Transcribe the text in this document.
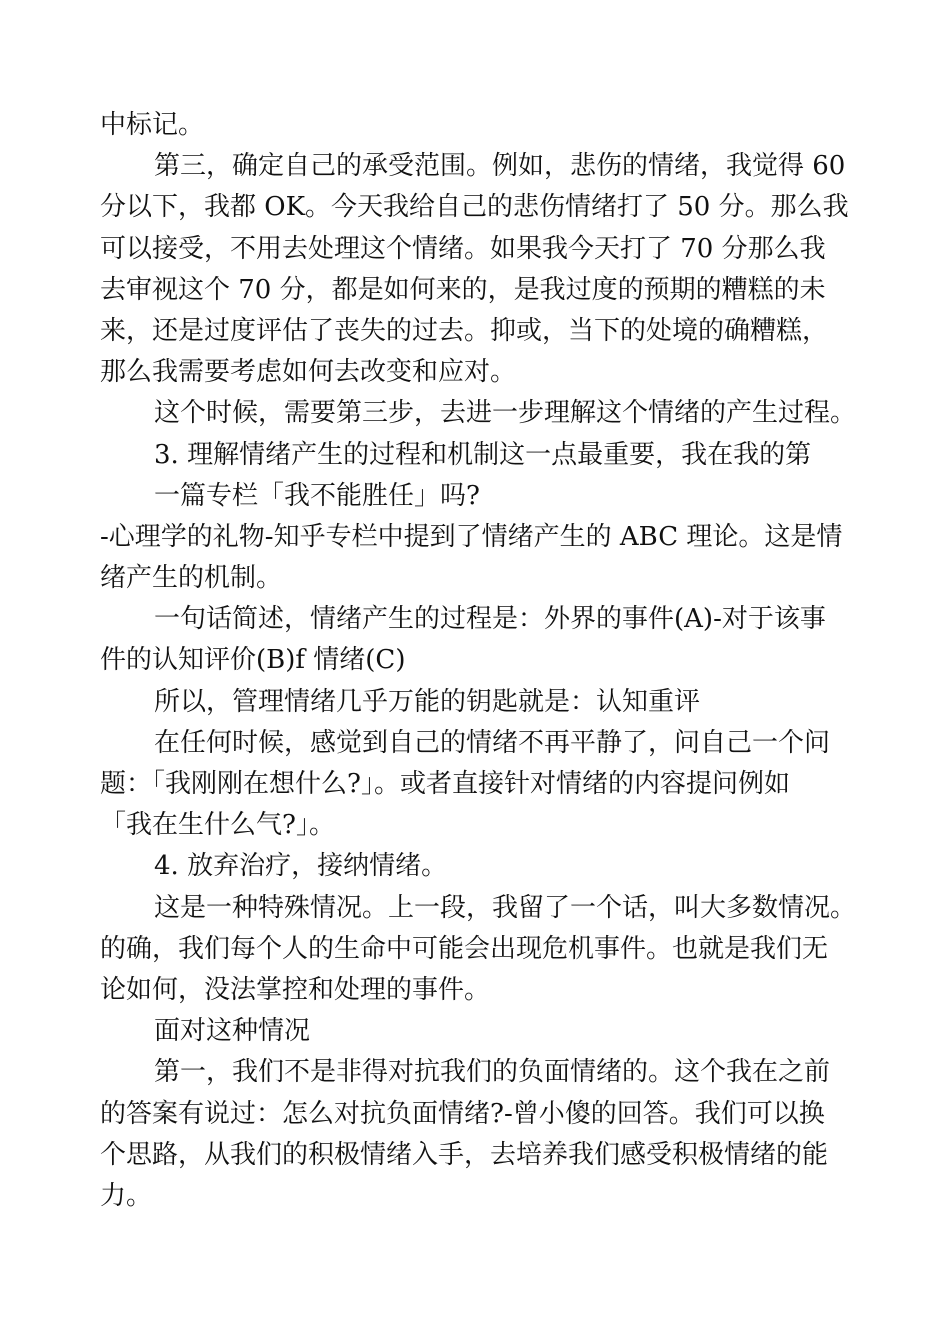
中标记。
第三，确定自己的承受范围。例如，悲伤的情绪，我觉得 60
分以下，我都 OK。今天我给自己的悲伤情绪打了 50 分。那么我
可以接受，不用去处理这个情绪。如果我今天打了 70 分那么我
去审视这个 70 分，都是如何来的，是我过度的预期的糟糕的未
来，还是过度评估了丧失的过去。抑或，当下的处境的确糟糕，
那么我需要考虑如何去改变和应对。
这个时候，需要第三步，去进一步理解这个情绪的产生过程。
3. 理解情绪产生的过程和机制这一点最重要，我在我的第
一篇专栏「我不能胜任」吗?
-心理学的礼物-知乎专栏中提到了情绪产生的 ABC 理论。这是情
绪产生的机制。
一句话简述，情绪产生的过程是：外界的事件(A)-对于该事
件的认知评价(B)f 情绪(C)
所以，管理情绪几乎万能的钥匙就是：认知重评
在任何时候，感觉到自己的情绪不再平静了，问自己一个问
题：「我刚刚在想什么?」。或者直接针对情绪的内容提问例如
「我在生什么气?」。
4. 放弃治疗，接纳情绪。
这是一种特殊情况。上一段，我留了一个话，叫大多数情况。
的确，我们每个人的生命中可能会出现危机事件。也就是我们无
论如何，没法掌控和处理的事件。
面对这种情况
第一，我们不是非得对抗我们的负面情绪的。这个我在之前
的答案有说过：怎么对抗负面情绪?-曾小傻的回答。我们可以换
个思路，从我们的积极情绪入手，去培养我们感受积极情绪的能
力。
